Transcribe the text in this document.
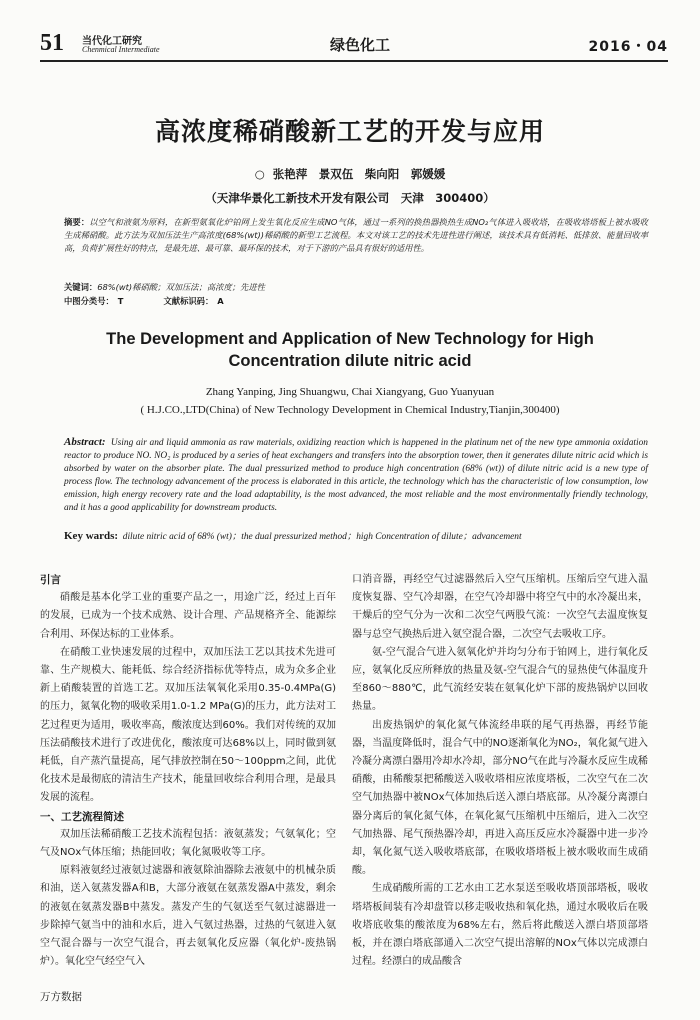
51 当代化工研究
Chenmical Intermediate	绿色化工	2016・04
高浓度稀硝酸新工艺的开发与应用
○ 张艳萍　景双伍　柴向阳　郭媛媛
（天津华景化工新技术开发有限公司　天津　300400）
摘要：以空气和液氨为原料，在新型氨氧化炉铂网上发生氧化反应生成NO气体，通过一系列的换热器换热生成NO₂气体进入吸收塔，在吸收塔塔板上被水吸收生成稀硝酸。此方法为双加压法生产高浓度(68%(wt))稀硝酸的新型工艺流程。本文对该工艺的技术先进性进行阐述，该技术具有低消耗、低排放、能量回收率高，负荷扩展性好的特点，是最先进、最可靠、最环保的技术，对于下游的产品具有很好的适用性。
关键词：68%(wt)稀硝酸；双加压法；高浓度；先进性
中图分类号： T	文献标识码： A
The Development and Application of New Technology for High
Concentration dilute nitric acid
Zhang Yanping, Jing Shuangwu, Chai Xiangyang, Guo Yuanyuan
( H.J.CO.,LTD(China) of New Technology Development in Chemical Industry,Tianjin,300400)
Abstract: Using air and liquid ammonia as raw materials, oxidizing reaction which is happened in the platinum net of the new type ammonia oxidation reactor to produce NO. NO₂ is produced by a series of heat exchangers and transfers into the absorption tower, then it generates dilute nitric acid which is absorbed by water on the absorber plate. The dual pressurized method to produce high concentration (68% (wt)) of dilute nitric acid is a new type of process flow. The technology advancement of the process is elaborated in this article, the technology which has the characteristic of low consumption, low emission, high energy recovery rate and the load adaptability, is the most advanced, the most reliable and the most environmentally friendly technology, and it has a good applicability for downstream products.
Key wards: dilute nitric acid of 68% (wt)；the dual pressurized method；high Concentration of dilute；advancement
引言

硝酸是基本化学工业的重要产品之一，用途广泛，经过上百年的发展，已成为一个技术成熟、设计合理、产品规格齐全、能源综合利用、环保达标的工业体系。

在硝酸工业快速发展的过程中，双加压法工艺以其技术先进可靠、生产规模大、能耗低、综合经济指标优等特点，成为众多企业新上硝酸装置的首选工艺。双加压法氧氧化采用0.35-0.4MPa(G)的压力，氮氧化物的吸收采用1.0-1.2 MPa(G)的压力，此方法对工艺过程更为适用，吸收率高，酸浓度达到60%。我们对传统的双加压法硝酸技术进行了改进优化，酸浓度可达68%以上，同时做到氨耗低，自产蒸汽量提高，尾气排放控制在50～100ppm之间，此优化技术是最彻底的清洁生产技术，能量回收综合利用合理，是最具发展的流程。

一、工艺流程简述

双加压法稀硝酸工艺技术流程包括：液氨蒸发；气氨氧化；空气及NOx气体压缩；热能回收；氧化氮吸收等工序。

原料液氨经过液氨过滤器和液氨除油器除去液氨中的机械杂质和油，送入氨蒸发器A和B，大部分液氨在氨蒸发器A中蒸发，剩余的液氨在氨蒸发器B中蒸发。蒸发产生的气氨送至气氨过滤器进一步除掉气氨当中的油和水后，进入气氨过热器，过热的气氨进入氨空气混合器与一次空气混合，再去氨氧化反应器（氧化炉-废热锅炉）。氧化空气经空气入

口消音器，再经空气过滤器然后入空气压缩机。压缩后空气进入温度恢复器、空气冷却器，在空气冷却器中将空气中的水冷凝出来，干燥后的空气分为一次和二次空气两股气流：一次空气去温度恢复器与总空气换热后进入氨空混合器，二次空气去吸收工序。

氨-空气混合气进入氨氧化炉并均匀分布于铂网上，进行氧化反应，氨氧化反应所释放的热量及氨-空气混合气的显热使气体温度升至860～880℃，此气流经安装在氨氧化炉下部的废热锅炉以回收热量。

出废热锅炉的氧化氮气体流经串联的尾气再热器，再经节能器，当温度降低时，混合气中的NO逐渐氧化为NO₂，氧化氮气进入冷凝分离漂白器用冷却水冷却，部分NO气在此与冷凝水反应生成稀硝酸，由稀酸泵把稀酸送入吸收塔相应浓度塔板，二次空气在二次空气加热器中被NOx气体加热后送入漂白塔底部。从冷凝分离漂白器分离后的氧化氮气体，在氧化氮气压缩机中压缩后，进入二次空气加热器、尾气预热器冷却，再进入高压反应水冷凝器中进一步冷却，氧化氮气送入吸收塔底部，在吸收塔塔板上被水吸收而生成硝酸。

生成硝酸所需的工艺水由工艺水泵送至吸收塔顶部塔板，吸收塔塔板间装有冷却盘管以移走吸收热和氧化热，通过水吸收后在吸收塔底收集的酸浓度为68%左右，然后将此酸送入漂白塔顶部塔板，并在漂白塔底部通入二次空气提出溶解的NOx气体以完成漂白过程。经漂白的成品酸含

万方数据
